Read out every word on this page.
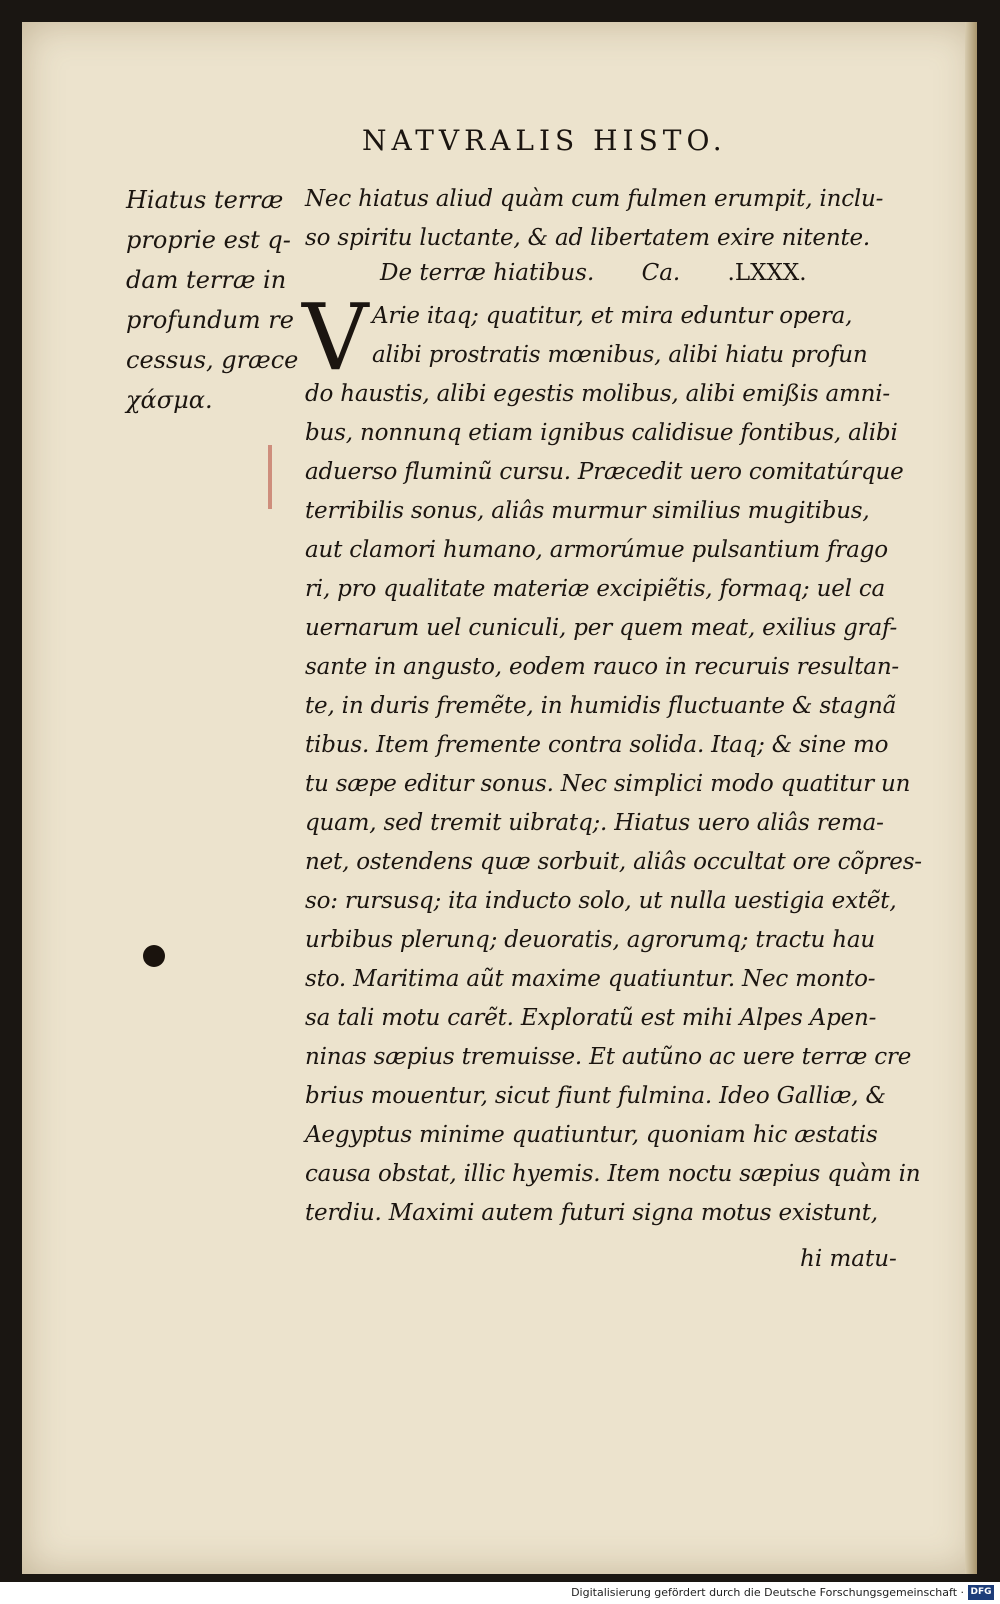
NATVRALIS HISTO.
Hiatus terræ
proprie est q-
dam terræ in
profundum re
cessus, græce
χάσμα.
Nec hiatus aliud quàm cum fulmen erumpit, inclu-
so spiritu luctante, & ad libertatem exire nitente.
De terræ hiatibus. Ca. .LXXX.
V Arie itaq; quatitur, et mira eduntur opera,
alibi prostratis mœnibus, alibi hiatu profun
do haustis, alibi egestis molibus, alibi emißis amni-
bus, nonnunq etiam ignibus calidisue fontibus, alibi
aduerso fluminũ cursu. Præcedit uero comitatúrque
terribilis sonus, aliâs murmur similius mugitibus,
aut clamori humano, armorúmue pulsantium frago
ri, pro qualitate materiæ excipiẽtis, formaq; uel ca
uernarum uel cuniculi, per quem meat, exilius graf-
sante in angusto, eodem rauco in recuruis resultan-
te, in duris fremẽte, in humidis fluctuante & stagnã
tibus. Item fremente contra solida. Itaq; & sine mo
tu sæpe editur sonus. Nec simplici modo quatitur un
quam, sed tremit uibratq;. Hiatus uero aliâs rema-
net, ostendens quæ sorbuit, aliâs occultat ore cõpres-
so: rursusq; ita inducto solo, ut nulla uestigia extẽt,
urbibus plerunq; deuoratis, agrorumq; tractu hau
sto. Maritima aũt maxime quatiuntur. Nec monto-
sa tali motu carẽt. Exploratũ est mihi Alpes Apen-
ninas sæpius tremuisse. Et autũno ac uere terræ cre
brius mouentur, sicut fiunt fulmina. Ideo Galliæ, &
Aegyptus minime quatiuntur, quoniam hic æstatis
causa obstat, illic hyemis. Item noctu sæpius quàm in
terdiu. Maximi autem futuri signa motus existunt,
hi matu-
Digitalisierung gefördert durch die Deutsche Forschungsgemeinschaft · DFG
